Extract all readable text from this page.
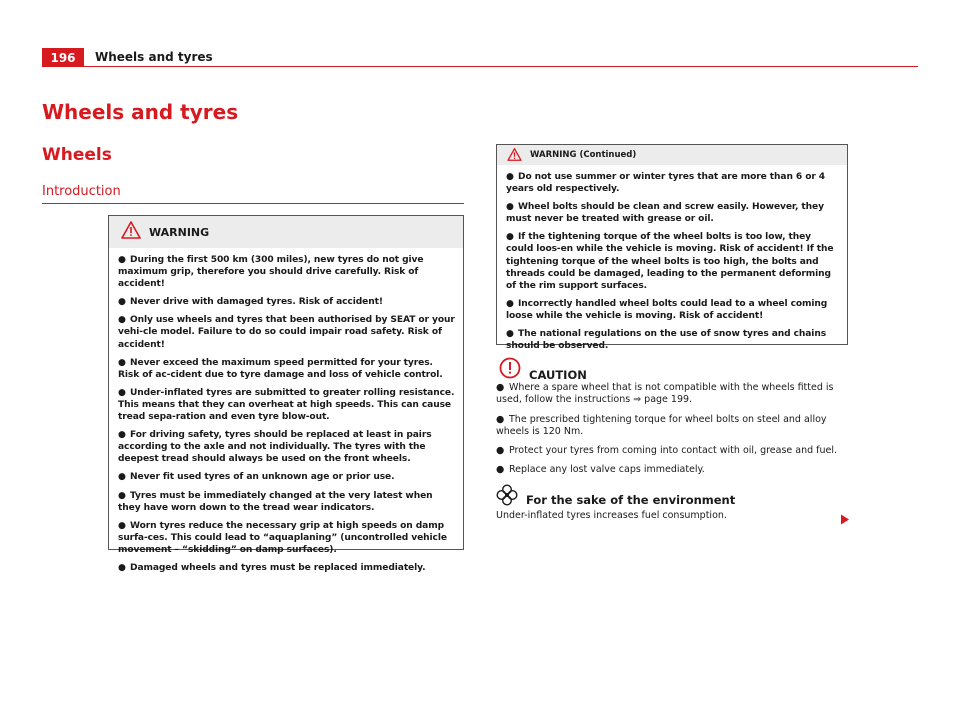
196	Wheels and tyres
Wheels and tyres
Wheels
Introduction
WARNING

● During the first 500 km (300 miles), new tyres do not give maximum grip, therefore you should drive carefully. Risk of accident!

● Never drive with damaged tyres. Risk of accident!

● Only use wheels and tyres that been authorised by SEAT or your vehi-cle model. Failure to do so could impair road safety. Risk of accident!

● Never exceed the maximum speed permitted for your tyres. Risk of ac-cident due to tyre damage and loss of vehicle control.

● Under-inflated tyres are submitted to greater rolling resistance. This means that they can overheat at high speeds. This can cause tread sepa-ration and even tyre blow-out.

● For driving safety, tyres should be replaced at least in pairs according to the axle and not individually. The tyres with the deepest tread should always be used on the front wheels.

● Never fit used tyres of an unknown age or prior use.

● Tyres must be immediately changed at the very latest when they have worn down to the tread wear indicators.

● Worn tyres reduce the necessary grip at high speeds on damp surfa-ces. This could lead to “aquaplaning” (uncontrolled vehicle movement – “skidding” on damp surfaces).

● Damaged wheels and tyres must be replaced immediately.

WARNING (Continued)

● Do not use summer or winter tyres that are more than 6 or 4 years old respectively.

● Wheel bolts should be clean and screw easily. However, they must never be treated with grease or oil.

● If the tightening torque of the wheel bolts is too low, they could loos-en while the vehicle is moving. Risk of accident! If the tightening torque of the wheel bolts is too high, the bolts and threads could be damaged, leading to the permanent deforming of the rim support surfaces.

● Incorrectly handled wheel bolts could lead to a wheel coming loose while the vehicle is moving. Risk of accident!

● The national regulations on the use of snow tyres and chains should be observed.

CAUTION

● Where a spare wheel that is not compatible with the wheels fitted is used, follow the instructions ⇒ page 199.

● The prescribed tightening torque for wheel bolts on steel and alloy wheels is 120 Nm.

● Protect your tyres from coming into contact with oil, grease and fuel.

● Replace any lost valve caps immediately.

For the sake of the environment
Under-inflated tyres increases fuel consumption.
